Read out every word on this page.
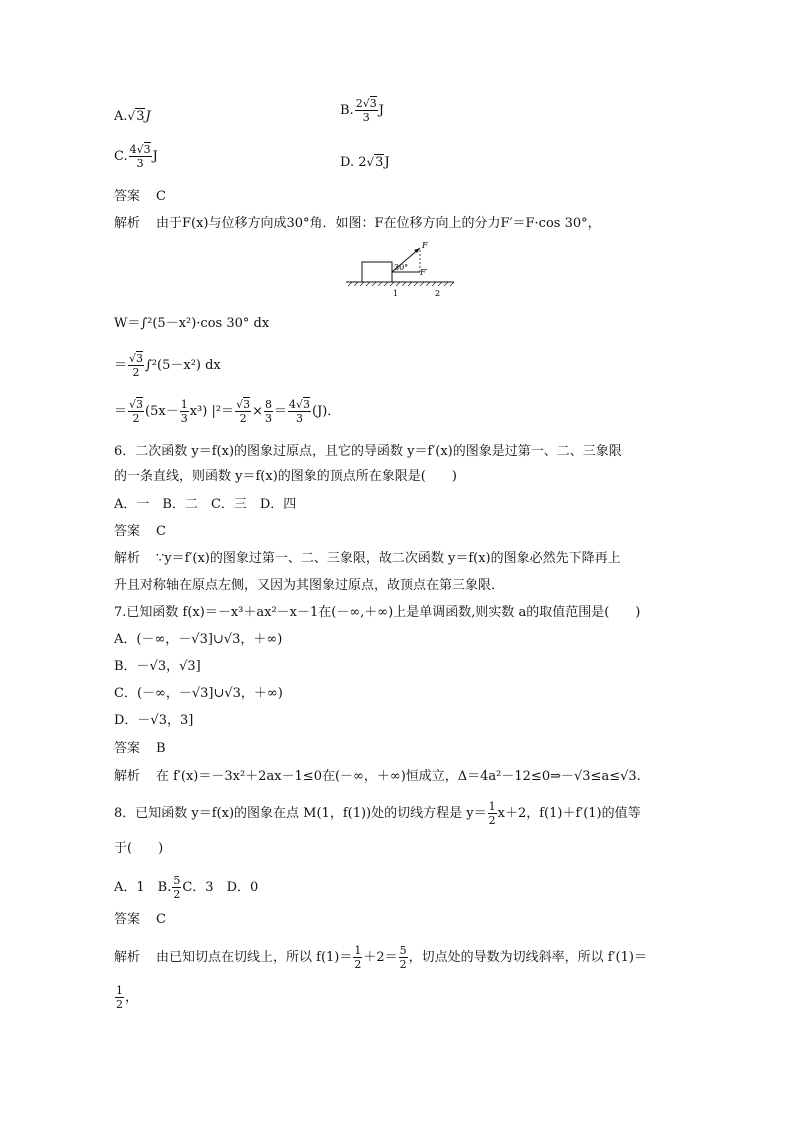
A.√3J	B. $\frac{2√3}{3}$ J
C. $\frac{4√3}{3}$ J	D. 2√3J
答案 C
解析 由于F(x)与位移方向成30°角．如图：F在位移方向上的分力F′＝F·cos 30°，
30°
F
F′
1	2
W＝∫²(5－x²)·cos 30° dx
＝ $\frac{√3}{2} \int^2(5-x^2)$ dx
＝ $\frac{√3}{2} (5x- \frac{1}{3} x^3)$ $|^2= \frac{√3}{2} \times \frac{8}{3} = \frac{4√3}{3} (J)$．
6．二次函数 y＝f(x)的图象过原点，且它的导函数 y＝f′(x)的图象是过第一、二、三象限
的一条直线，则函数 y＝f(x)的图象的顶点所在象限是(　　)
A．一　B．二　C．三　D．四
答案 C
解析 ∵y＝f′(x)的图象过第一、二、三象限，故二次函数 y＝f(x)的图象必然先下降再上
升且对称轴在原点左侧，又因为其图象过原点，故顶点在第三象限．
7.已知函数 f(x)＝－x³＋ax²－x－1在(－∞,＋∞)上是单调函数,则实数 a的取值范围是(　　)
A．(－∞，－√3]∪√3，＋∞)
B．－√3，√3]
C．(－∞，－√3]∪√3，＋∞)
D．－√3，3]
答案 B
解析 在 f′(x)＝－3x²＋2ax－1≤0在(－∞，＋∞)恒成立，Δ＝4a²－12≤0⇒－√3≤a≤√3.
8．已知函数 y＝f(x)的图象在点 M(1，f(1))处的切线方程是 $y= \frac{1}{2} x+2$，f(1)＋f′(1)的值等
于(　　)
A．1　B. $\frac{5}{2}$ C．3　D．0
答案 C
解析 由已知切点在切线上，所以 $f(1)= \frac{1}{2} +2= \frac{5}{2}$ ，切点处的导数为切线斜率，所以 f′(1)＝
$\frac{1}{2}$ ，
